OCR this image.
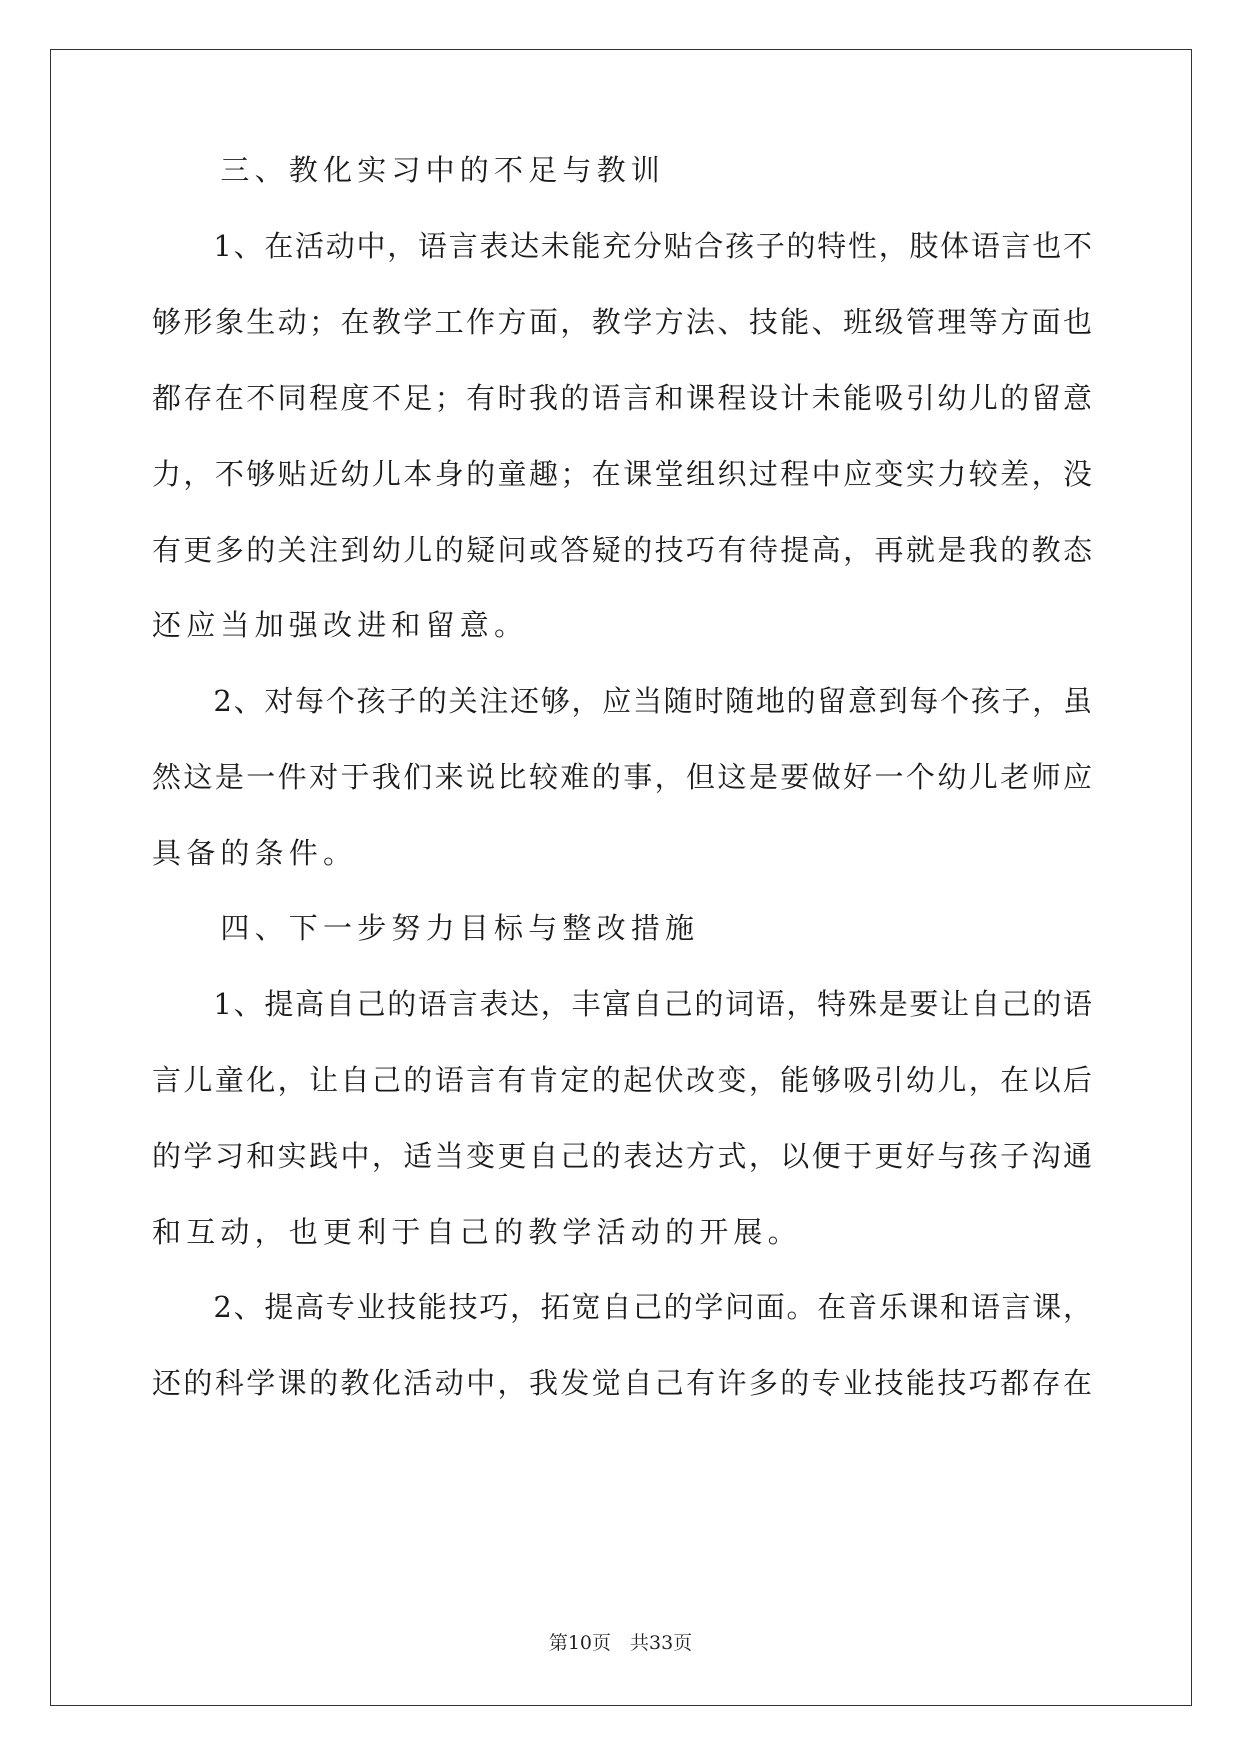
　　三、教化实习中的不足与教训
　　1、在活动中，语言表达未能充分贴合孩子的特性，肢体语言也不
够形象生动；在教学工作方面，教学方法、技能、班级管理等方面也
都存在不同程度不足；有时我的语言和课程设计未能吸引幼儿的留意
力，不够贴近幼儿本身的童趣；在课堂组织过程中应变实力较差，没
有更多的关注到幼儿的疑问或答疑的技巧有待提高，再就是我的教态
还应当加强改进和留意。
　　2、对每个孩子的关注还够，应当随时随地的留意到每个孩子，虽
然这是一件对于我们来说比较难的事，但这是要做好一个幼儿老师应
具备的条件。
　　四、下一步努力目标与整改措施
　　1、提高自己的语言表达，丰富自己的词语，特殊是要让自己的语
言儿童化，让自己的语言有肯定的起伏改变，能够吸引幼儿，在以后
的学习和实践中，适当变更自己的表达方式，以便于更好与孩子沟通
和互动，也更利于自己的教学活动的开展。
　　2、提高专业技能技巧，拓宽自己的学问面。在音乐课和语言课，
还的科学课的教化活动中，我发觉自己有许多的专业技能技巧都存在
第10页　共33页
